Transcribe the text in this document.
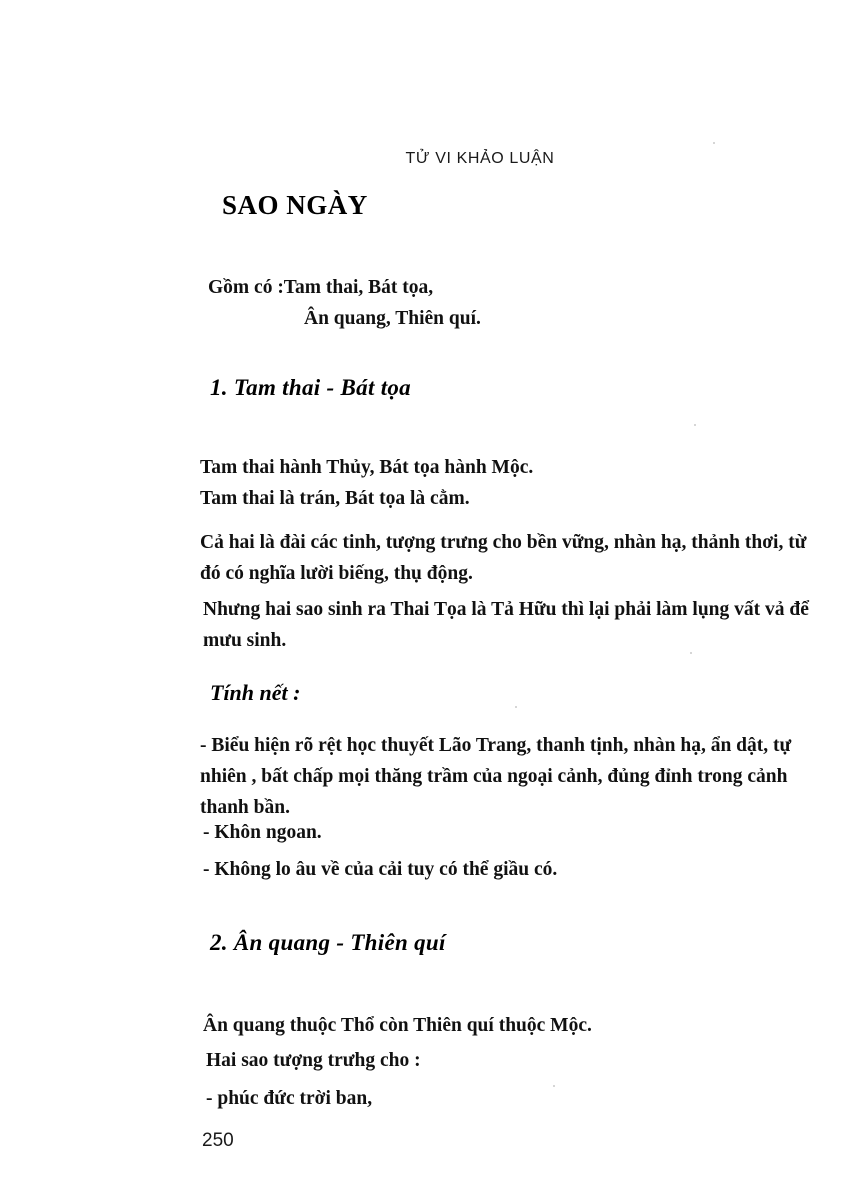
TỬ VI KHẢO LUẬN
SAO NGÀY
Gồm có :Tam thai, Bát tọa,
Ân quang, Thiên quí.
1. Tam thai - Bát tọa
Tam thai hành Thủy, Bát tọa hành Mộc.
Tam thai là trán, Bát tọa là cằm.
Cả hai là đài các tinh, tượng trưng cho bền vững, nhàn hạ, thảnh thơi, từ đó có nghĩa lười biếng, thụ động.
Nhưng hai sao sinh ra Thai Tọa là Tả Hữu thì lại phải làm lụng vất vả để mưu sinh.
Tính nết :
- Biểu hiện rõ rệt học thuyết Lão Trang, thanh tịnh, nhàn hạ, ẩn dật, tự nhiên , bất chấp mọi thăng trầm của ngoại cảnh, đủng đỉnh trong cảnh thanh bần.
- Khôn ngoan.
- Không lo âu về của cải tuy có thể giầu có.
2. Ân quang - Thiên quí
Ân quang thuộc Thổ còn Thiên quí thuộc Mộc.
Hai sao tượng trưhg cho :
- phúc đức trời ban,
250
